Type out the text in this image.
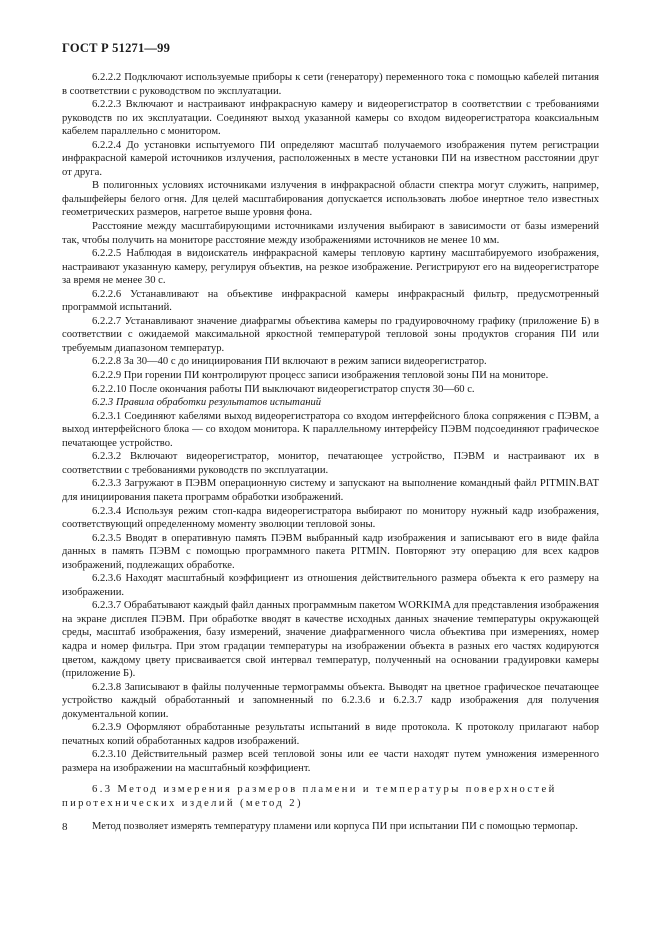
ГОСТ Р 51271—99

6.2.2.2 Подключают используемые приборы к сети (генератору) переменного тока с помощью кабелей питания в соответствии с руководством по эксплуатации.

6.2.2.3 Включают и настраивают инфракрасную камеру и видеорегистратор в соответствии с требованиями руководств по их эксплуатации. Соединяют выход указанной камеры со входом видеорегистратора коаксиальным кабелем параллельно с монитором.

6.2.2.4 До установки испытуемого ПИ определяют масштаб получаемого изображения путем регистрации инфракрасной камерой источников излучения, расположенных в месте установки ПИ на известном расстоянии друг от друга.

В полигонных условиях источниками излучения в инфракрасной области спектра могут служить, например, фальшфейеры белого огня. Для целей масштабирования допускается использовать любое инертное тело известных геометрических размеров, нагретое выше уровня фона.

Расстояние между масштабирующими источниками излучения выбирают в зависимости от базы измерений так, чтобы получить на мониторе расстояние между изображениями источников не менее 10 мм.

6.2.2.5 Наблюдая в видоискатель инфракрасной камеры тепловую картину масштабируемого изображения, настраивают указанную камеру, регулируя объектив, на резкое изображение. Регистрируют его на видеорегистраторе за время не менее 30 с.

6.2.2.6 Устанавливают на объективе инфракрасной камеры инфракрасный фильтр, предусмотренный программой испытаний.

6.2.2.7 Устанавливают значение диафрагмы объектива камеры по градуировочному графику (приложение Б) в соответствии с ожидаемой максимальной яркостной температурой тепловой зоны продуктов сгорания ПИ или требуемым диапазоном температур.

6.2.2.8 За 30—40 с до инициирования ПИ включают в режим записи видеорегистратор.

6.2.2.9 При горении ПИ контролируют процесс записи изображения тепловой зоны ПИ на мониторе.

6.2.2.10 После окончания работы ПИ выключают видеорегистратор спустя 30—60 с.

6.2.3 Правила обработки результатов испытаний

6.2.3.1 Соединяют кабелями выход видеорегистратора со входом интерфейсного блока сопряжения с ПЭВМ, а выход интерфейсного блока — со входом монитора. К параллельному интерфейсу ПЭВМ подсоединяют графическое печатающее устройство.

6.2.3.2 Включают видеорегистратор, монитор, печатающее устройство, ПЭВМ и настраивают их в соответствии с требованиями руководств по эксплуатации.

6.2.3.3 Загружают в ПЭВМ операционную систему и запускают на выполнение командный файл PITMIN.BAT для инициирования пакета программ обработки изображений.

6.2.3.4 Используя режим стоп-кадра видеорегистратора выбирают по монитору нужный кадр изображения, соответствующий определенному моменту эволюции тепловой зоны.

6.2.3.5 Вводят в оперативную память ПЭВМ выбранный кадр изображения и записывают его в виде файла данных в память ПЭВМ с помощью программного пакета PITMIN. Повторяют эту операцию для всех кадров изображений, подлежащих обработке.

6.2.3.6 Находят масштабный коэффициент из отношения действительного размера объекта к его размеру на изображении.

6.2.3.7 Обрабатывают каждый файл данных программным пакетом WORKIMA для представления изображения на экране дисплея ПЭВМ. При обработке вводят в качестве исходных данных значение температуры окружающей среды, масштаб изображения, базу измерений, значение диафрагменного числа объектива при измерениях, номер кадра и номер фильтра. При этом градации температуры на изображении объекта в разных его частях кодируются цветом, каждому цвету присваивается свой интервал температур, полученный на основании градуировки камеры (приложение Б).

6.2.3.8 Записывают в файлы полученные термограммы объекта. Выводят на цветное графическое печатающее устройство каждый обработанный и запомненный по 6.2.3.6 и 6.2.3.7 кадр изображения для получения документальной копии.

6.2.3.9 Оформляют обработанные результаты испытаний в виде протокола. К протоколу прилагают набор печатных копий обработанных кадров изображений.

6.2.3.10 Действительный размер всей тепловой зоны или ее части находят путем умножения измеренного размера на изображении на масштабный коэффициент.

6.3 Метод измерения размеров пламени и температуры поверхностей пиротехнических изделий (метод 2)

Метод позволяет измерять температуру пламени или корпуса ПИ при испытании ПИ с помощью термопар.

8
